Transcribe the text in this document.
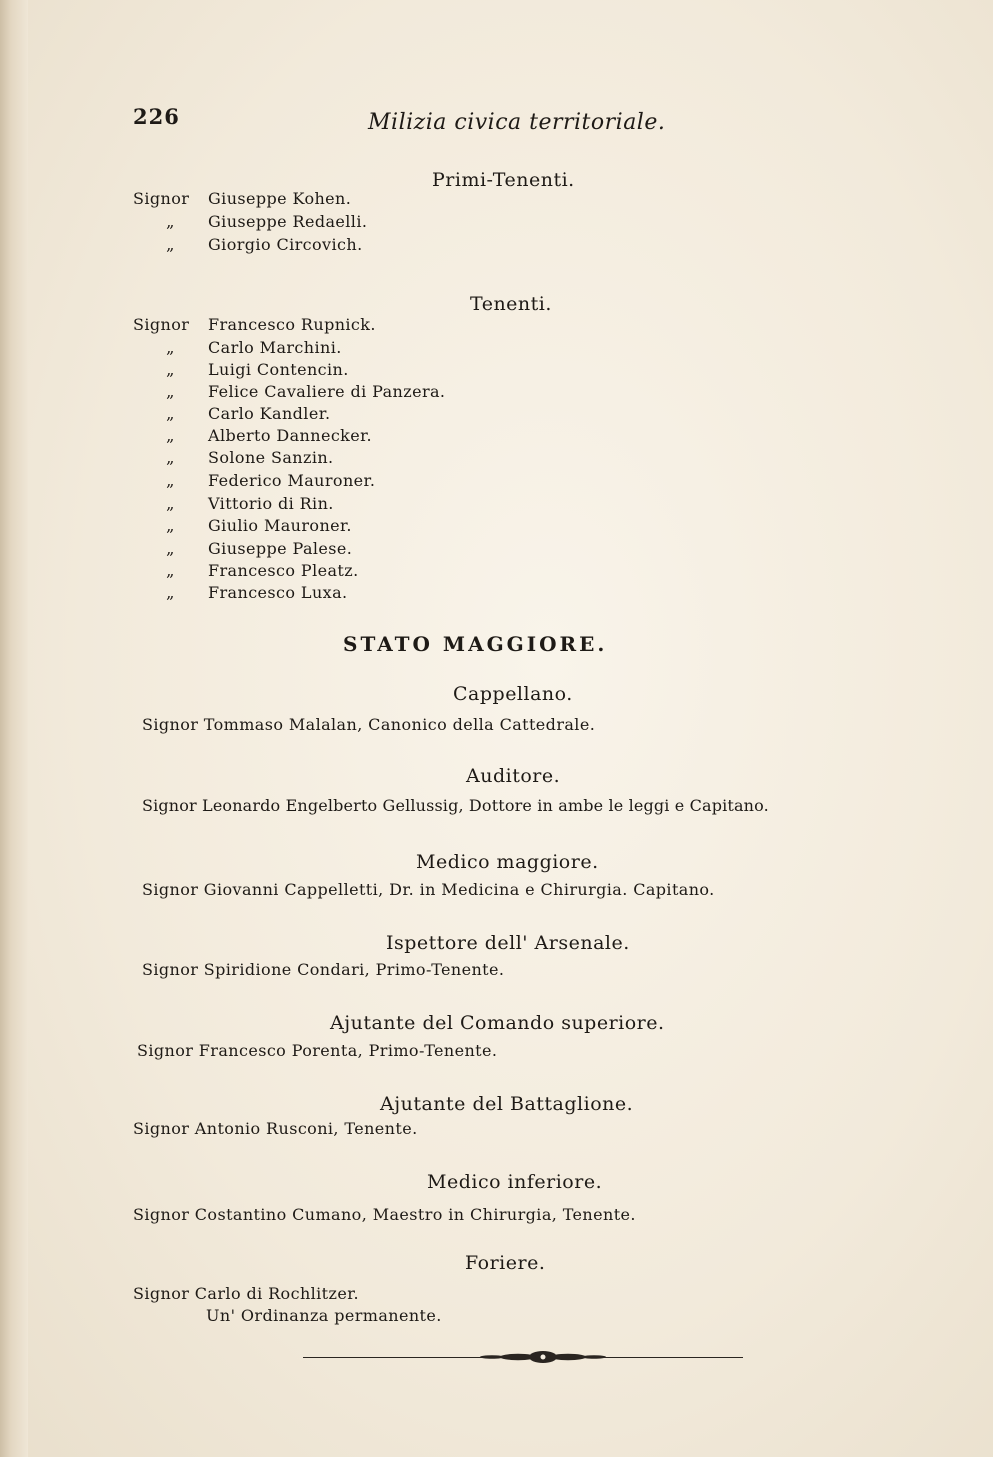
226	Milizia civica territoriale.
Primi-Tenenti.
Signor Giuseppe Kohen.
„ Giuseppe Redaelli.
„ Giorgio Circovich.
Tenenti.
Signor Francesco Rupnick.
„ Carlo Marchini.
„ Luigi Contencin.
„ Felice Cavaliere di Panzera.
„ Carlo Kandler.
„ Alberto Dannecker.
„ Solone Sanzin.
„ Federico Mauroner.
„ Vittorio di Rin.
„ Giulio Mauroner.
„ Giuseppe Palese.
„ Francesco Pleatz.
„ Francesco Luxa.
STATO MAGGIORE.
Cappellano.
Signor Tommaso Malalan, Canonico della Cattedrale.
Auditore.
Signor Leonardo Engelberto Gellussig, Dottore in ambe le leggi e Capitano.
Medico maggiore.
Signor Giovanni Cappelletti, Dr. in Medicina e Chirurgia. Capitano.
Ispettore dell' Arsenale.
Signor Spiridione Condari, Primo-Tenente.
Ajutante del Comando superiore.
Signor Francesco Porenta, Primo-Tenente.
Ajutante del Battaglione.
Signor Antonio Rusconi, Tenente.
Medico inferiore.
Signor Costantino Cumano, Maestro in Chirurgia, Tenente.
Foriere.
Signor Carlo di Rochlitzer.
Un' Ordinanza permanente.
